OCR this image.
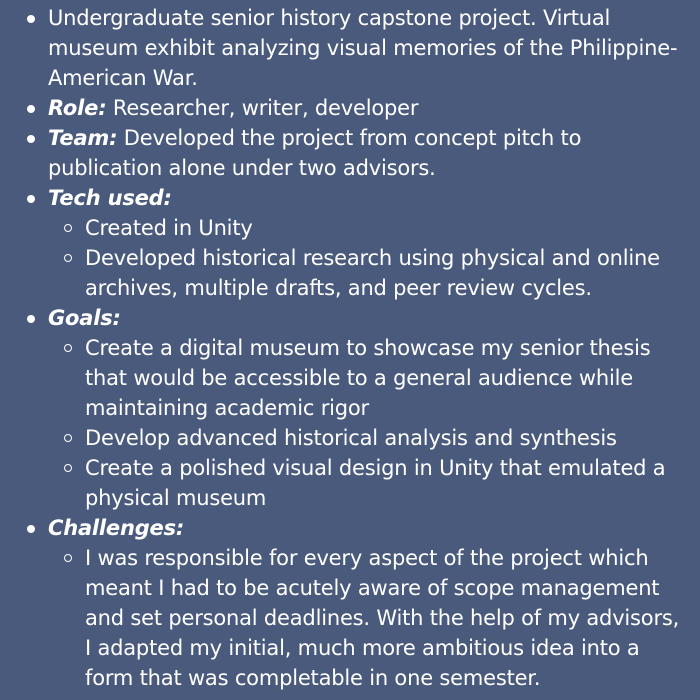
Undergraduate senior history capstone project. Virtual museum exhibit analyzing visual memories of the Philippine-American War.
Role: Researcher, writer, developer
Team: Developed the project from concept pitch to publication alone under two advisors.
Tech used:
Created in Unity
Developed historical research using physical and online archives, multiple drafts, and peer review cycles.
Goals:
Create a digital museum to showcase my senior thesis that would be accessible to a general audience while maintaining academic rigor
Develop advanced historical analysis and synthesis
Create a polished visual design in Unity that emulated a physical museum
Challenges:
I was responsible for every aspect of the project which meant I had to be acutely aware of scope management and set personal deadlines. With the help of my advisors, I adapted my initial, much more ambitious idea into a form that was completable in one semester.
